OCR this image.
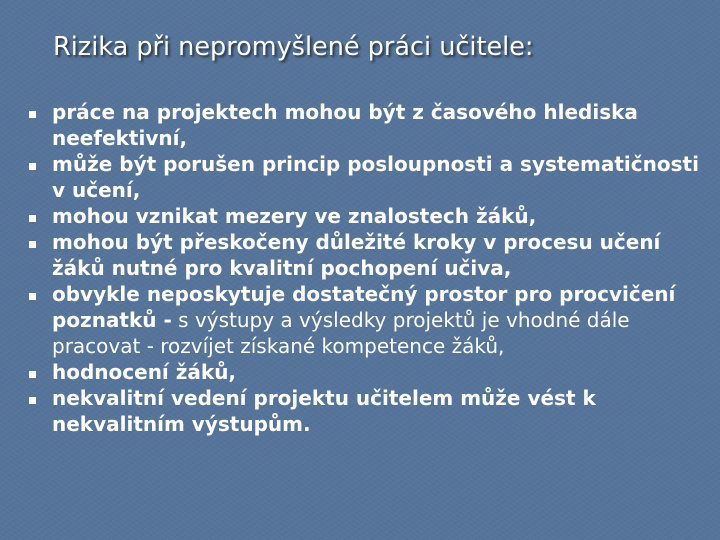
Rizika při nepromyšlené práci učitele:
práce na projektech mohou být z časového hlediska neefektivní,
může být porušen princip posloupnosti a systematičnosti v učení,
mohou vznikat mezery ve znalostech žáků,
mohou být přeskočeny důležité kroky v procesu učení žáků nutné pro kvalitní pochopení učiva,
obvykle neposkytuje dostatečný prostor pro procvičení poznatků - s výstupy a výsledky projektů je vhodné dále pracovat - rozvíjet získané kompetence žáků,
hodnocení žáků,
nekvalitní vedení projektu učitelem může vést k nekvalitním výstupům.
